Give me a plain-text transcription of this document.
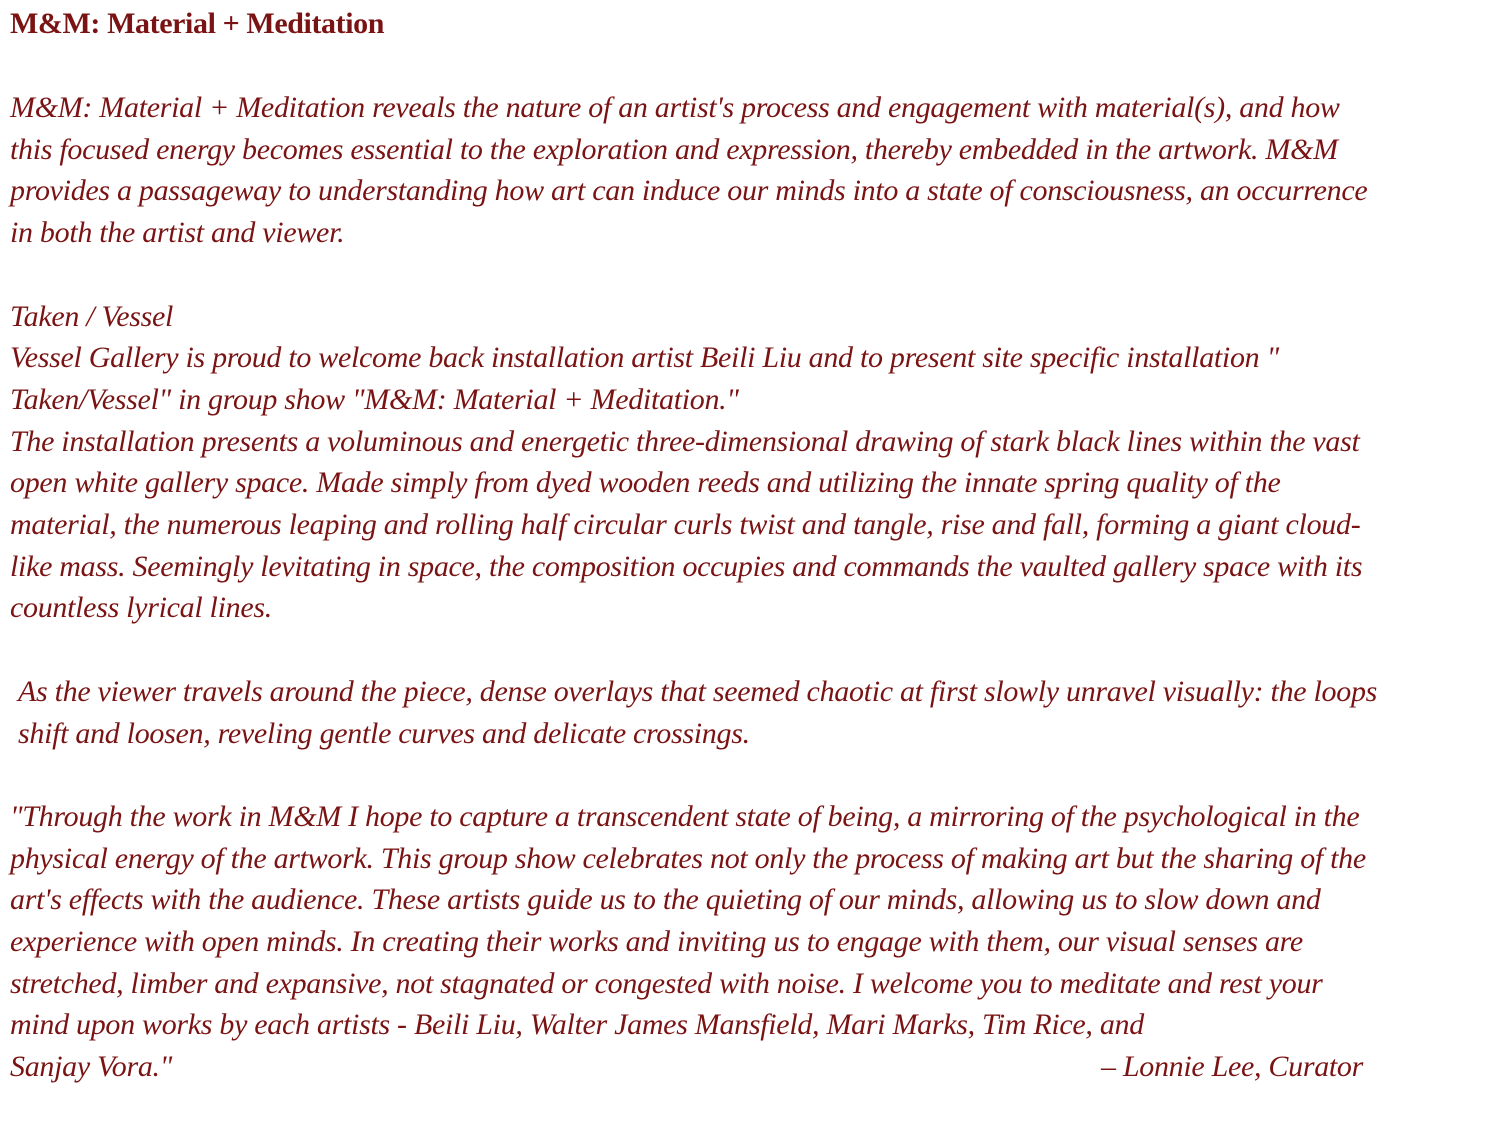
M&M: Material + Meditation

M&M: Material + Meditation reveals the nature of an artist's process and engagement with material(s), and how this focused energy becomes essential to the exploration and expression, thereby embedded in the artwork. M&M provides a passageway to understanding how art can induce our minds into a state of consciousness, an occurrence in both the artist and viewer.

Taken / Vessel

Vessel Gallery is proud to welcome back installation artist Beili Liu and to present site specific installation " Taken/Vessel" in group show "M&M: Material + Meditation."

The installation presents a voluminous and energetic three-dimensional drawing of stark black lines within the vast open white gallery space. Made simply from dyed wooden reeds and utilizing the innate spring quality of the material, the numerous leaping and rolling half circular curls twist and tangle, rise and fall, forming a giant cloud-like mass. Seemingly levitating in space, the composition occupies and commands the vaulted gallery space with its countless lyrical lines.

As the viewer travels around the piece, dense overlays that seemed chaotic at first slowly unravel visually: the loops shift and loosen, reveling gentle curves and delicate crossings.

"Through the work in M&M I hope to capture a transcendent state of being, a mirroring of the psychological in the physical energy of the artwork. This group show celebrates not only the process of making art but the sharing of the art's effects with the audience. These artists guide us to the quieting of our minds, allowing us to slow down and experience with open minds. In creating their works and inviting us to engage with them, our visual senses are stretched, limber and expansive, not stagnated or congested with noise. I welcome you to meditate and rest your mind upon works by each artists - Beili Liu, Walter James Mansfield, Mari Marks, Tim Rice, and

Sanjay Vora."	– Lonnie Lee, Curator
